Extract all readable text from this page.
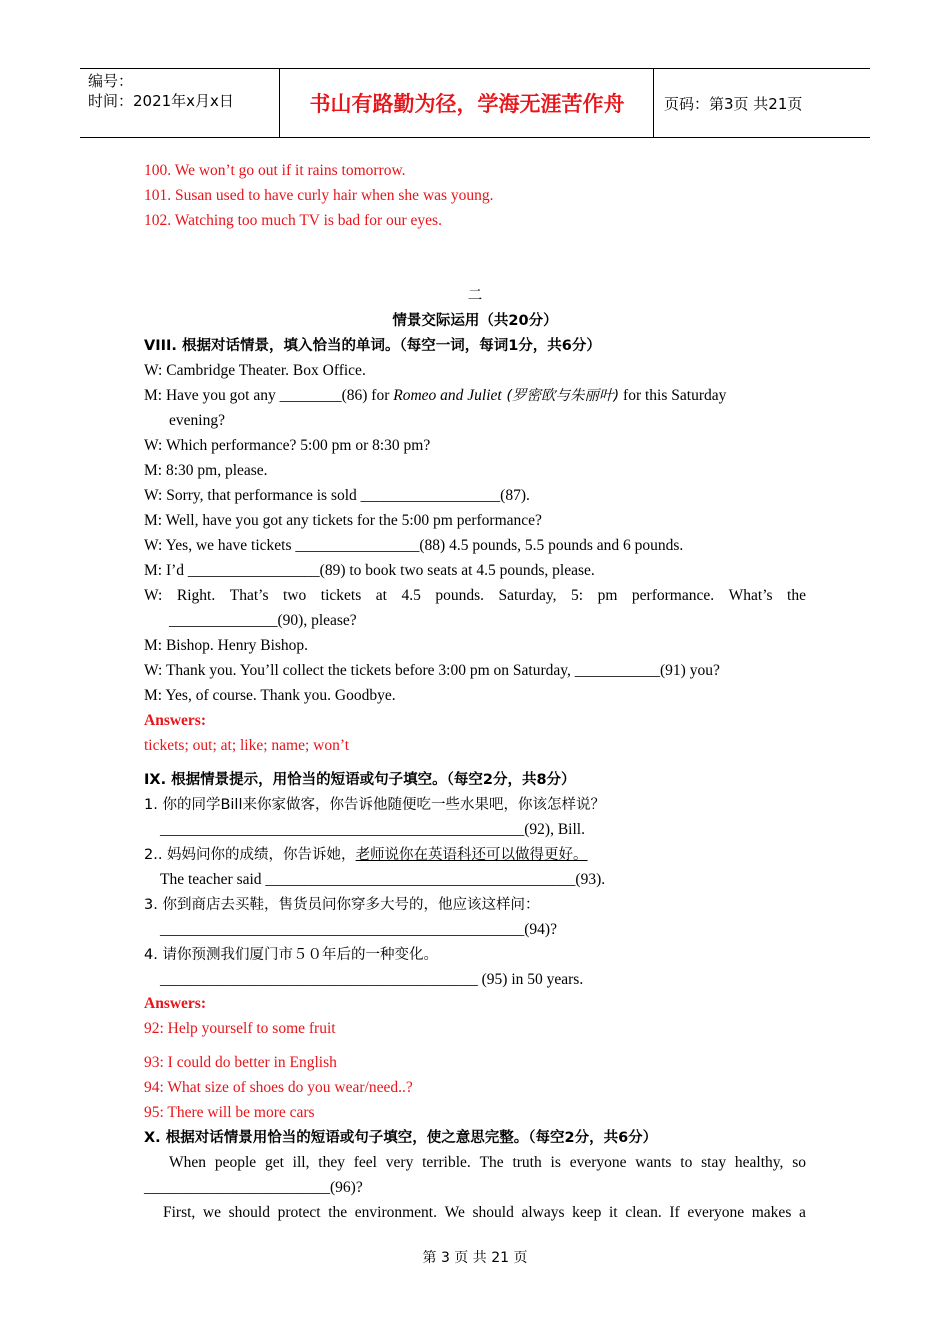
编号：
时间：2021年x月x日	书山有路勤为径，学海无涯苦作舟	页码：第3页 共21页
100. We won’t go out if it rains tomorrow.
101. Susan used to have curly hair when she was young.
102. Watching too much TV is bad for our eyes.
二
情景交际运用（共20分）
VIII. 根据对话情景，填入恰当的单词。（每空一词，每词1分，共6分）
W: Cambridge Theater. Box Office.
M: Have you got any ________(86) for Romeo and Juliet (罗密欧与朱丽叶) for this Saturday
evening?
W: Which performance? 5:00 pm or 8:30 pm?
M: 8:30 pm, please.
W: Sorry, that performance is sold __________________(87).
M: Well, have you got any tickets for the 5:00 pm performance?
W: Yes, we have tickets ________________(88) 4.5 pounds, 5.5 pounds and 6 pounds.
M: I’d _________________(89) to book two seats at 4.5 pounds, please.
W: Right. That’s two tickets at 4.5 pounds. Saturday, 5: pm performance. What’s the
______________(90), please?
M: Bishop. Henry Bishop.
W: Thank you. You’ll collect the tickets before 3:00 pm on Saturday, ___________(91) you?
M: Yes, of course. Thank you. Goodbye.
Answers:
tickets; out; at; like; name; won’t
IX. 根据情景提示，用恰当的短语或句子填空。（每空2分，共8分）
1. 你的同学Bill来你家做客，你告诉他随便吃一些水果吧，你该怎样说？
_______________________________________________(92), Bill.
2.. 妈妈问你的成绩，你告诉她，老师说你在英语科还可以做得更好。
The teacher said ________________________________________(93).
3. 你到商店去买鞋，售货员问你穿多大号的，他应该这样问：
_______________________________________________(94)?
4. 请你预测我们厦门市５０年后的一种变化。
_________________________________________ (95) in 50 years.
Answers:
92: Help yourself to some fruit
93: I could do better in English
94: What size of shoes do you wear/need..?
95: There will be more cars
X. 根据对话情景用恰当的短语或句子填空，使之意思完整。（每空2分，共6分）
When people get ill, they feel very terrible. The truth is everyone wants to stay healthy, so
________________________(96)?
First, we should protect the environment. We should always keep it clean. If everyone makes a
第 3 页 共 21 页
